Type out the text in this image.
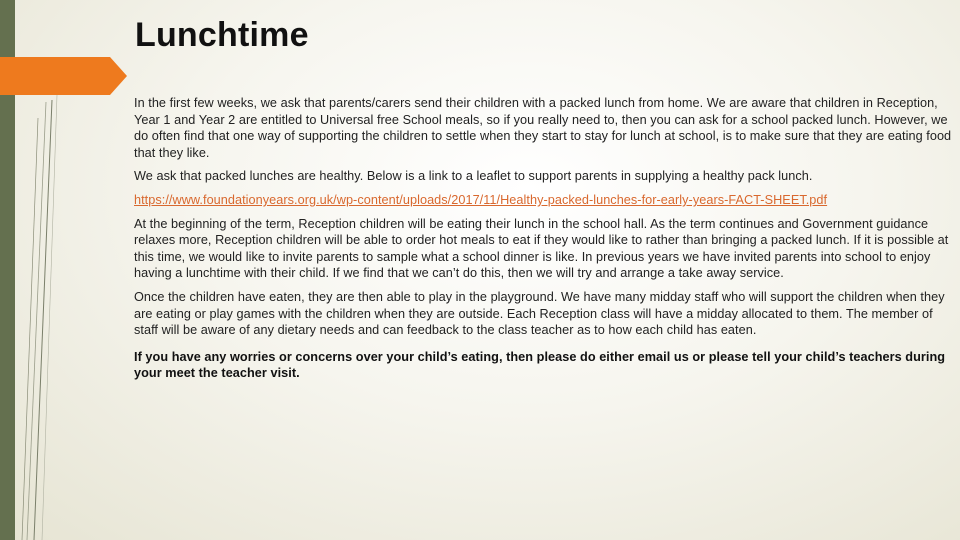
Lunchtime

In the first few weeks, we ask that parents/carers send their children with a packed lunch from home. We are aware that children in Reception, Year 1 and Year 2 are entitled to Universal free School meals, so if you really need to, then you can ask for a school packed lunch. However, we do often find that one way of supporting the children to settle when they start to stay for lunch at school, is to make sure that they are eating food that they like.

We ask that packed lunches are healthy. Below is a link to a leaflet to support parents in supplying a healthy pack lunch.

https://www.foundationyears.org.uk/wp-content/uploads/2017/11/Healthy-packed-lunches-for-early-years-FACT-SHEET.pdf

At the beginning of the term, Reception children will be eating their lunch in the school hall. As the term continues and Government guidance relaxes more, Reception children will be able to order hot meals to eat if they would like to rather than bringing a packed lunch. If it is possible at this time, we would like to invite parents to sample what a school dinner is like. In previous years we have invited parents into school to enjoy having a lunchtime with their child. If we find that we can’t do this, then we will try and arrange a take away service.

Once the children have eaten, they are then able to play in the playground. We have many midday staff who will support the children when they are eating or play games with the children when they are outside. Each Reception class will have a midday allocated to them. The member of staff will be aware of any dietary needs and can feedback to the class teacher as to how each child has eaten.

If you have any worries or concerns over your child’s eating, then please do either email us or please tell your child’s teachers during your meet the teacher visit.
